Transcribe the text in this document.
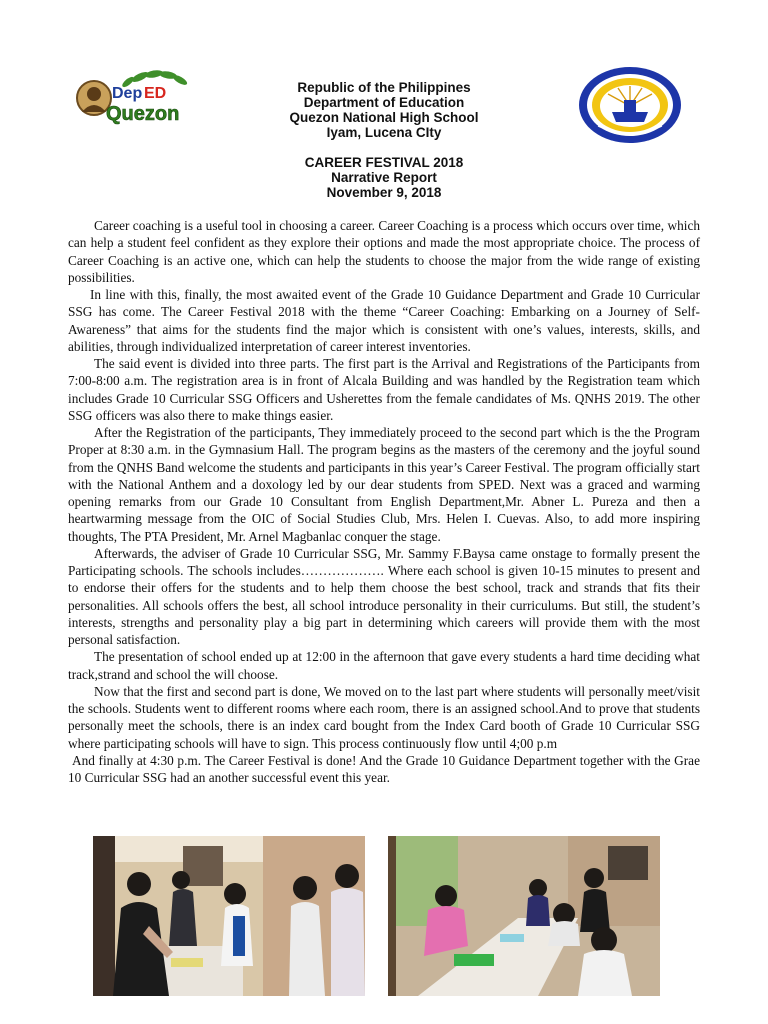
Dep ED
Quezon
Republic of the Philippines
Department of Education
Quezon National High School
Iyam, Lucena CIty
CAREER FESTIVAL 2018
Narrative Report
November 9, 2018

Career coaching is a useful tool in choosing a career. Career Coaching is a process which occurs over time, which can help a student feel confident as they explore their options and made the most appropriate choice. The process of Career Coaching is an active one, which can help the students to choose the major from the wide range of existing possibilities.

In line with this, finally, the most awaited event of the Grade 10 Guidance Department and Grade 10 Curricular SSG has come. The Career Festival 2018 with the theme “Career Coaching: Embarking on a Journey of Self-Awareness” that aims for the students find the major which is consistent with one’s values, interests, skills, and abilities, through individualized interpretation of career interest inventories.

The said event is divided into three parts. The first part is the Arrival and Registrations of the Participants from 7:00-8:00 a.m. The registration area is in front of Alcala Building and was handled by the Registration team which includes Grade 10 Curricular SSG Officers and Usherettes from the female candidates of Ms. QNHS 2019. The other SSG officers was also there to make things easier.

After the Registration of the participants, They immediately proceed to the second part which is the the Program Proper at 8:30 a.m. in the Gymnasium Hall. The program begins as the masters of the ceremony and the joyful sound from the QNHS Band welcome the students and participants in this year’s Career Festival. The program officially start with the National Anthem and a doxology led by our dear students from SPED. Next was a graced and warming opening remarks from our Grade 10 Consultant from English Department,Mr. Abner L. Pureza and then a heartwarming message from the OIC of Social Studies Club, Mrs. Helen I. Cuevas. Also, to add more inspiring thoughts, The PTA President, Mr. Arnel Magbanlac conquer the stage.

Afterwards, the adviser of Grade 10 Curricular SSG, Mr. Sammy F.Baysa came onstage to formally present the Participating schools. The schools includes………………. Where each school is given 10-15 minutes to present and to endorse their offers for the students and to help them choose the best school, track and strands that fits their personalities. All schools offers the best, all school introduce personality in their curriculums. But still, the student’s interests, strengths and personality play a big part in determining which careers will provide them with the most personal satisfaction.

The presentation of school ended up at 12:00 in the afternoon that gave every students a hard time deciding what track,strand and school the will choose.

Now that the first and second part is done, We moved on to the last part where students will personally meet/visit the schools. Students went to different rooms where each room, there is an assigned school.And to prove that students personally meet the schools, there is an index card bought from the Index Card booth of Grade 10 Curricular SSG where participating schools will have to sign. This process continuously flow until 4;00 p.m

And finally at 4:30 p.m. The Career Festival is done! And the Grade 10 Guidance Department together with the Grae 10 Curricular SSG had an another successful event this year.
